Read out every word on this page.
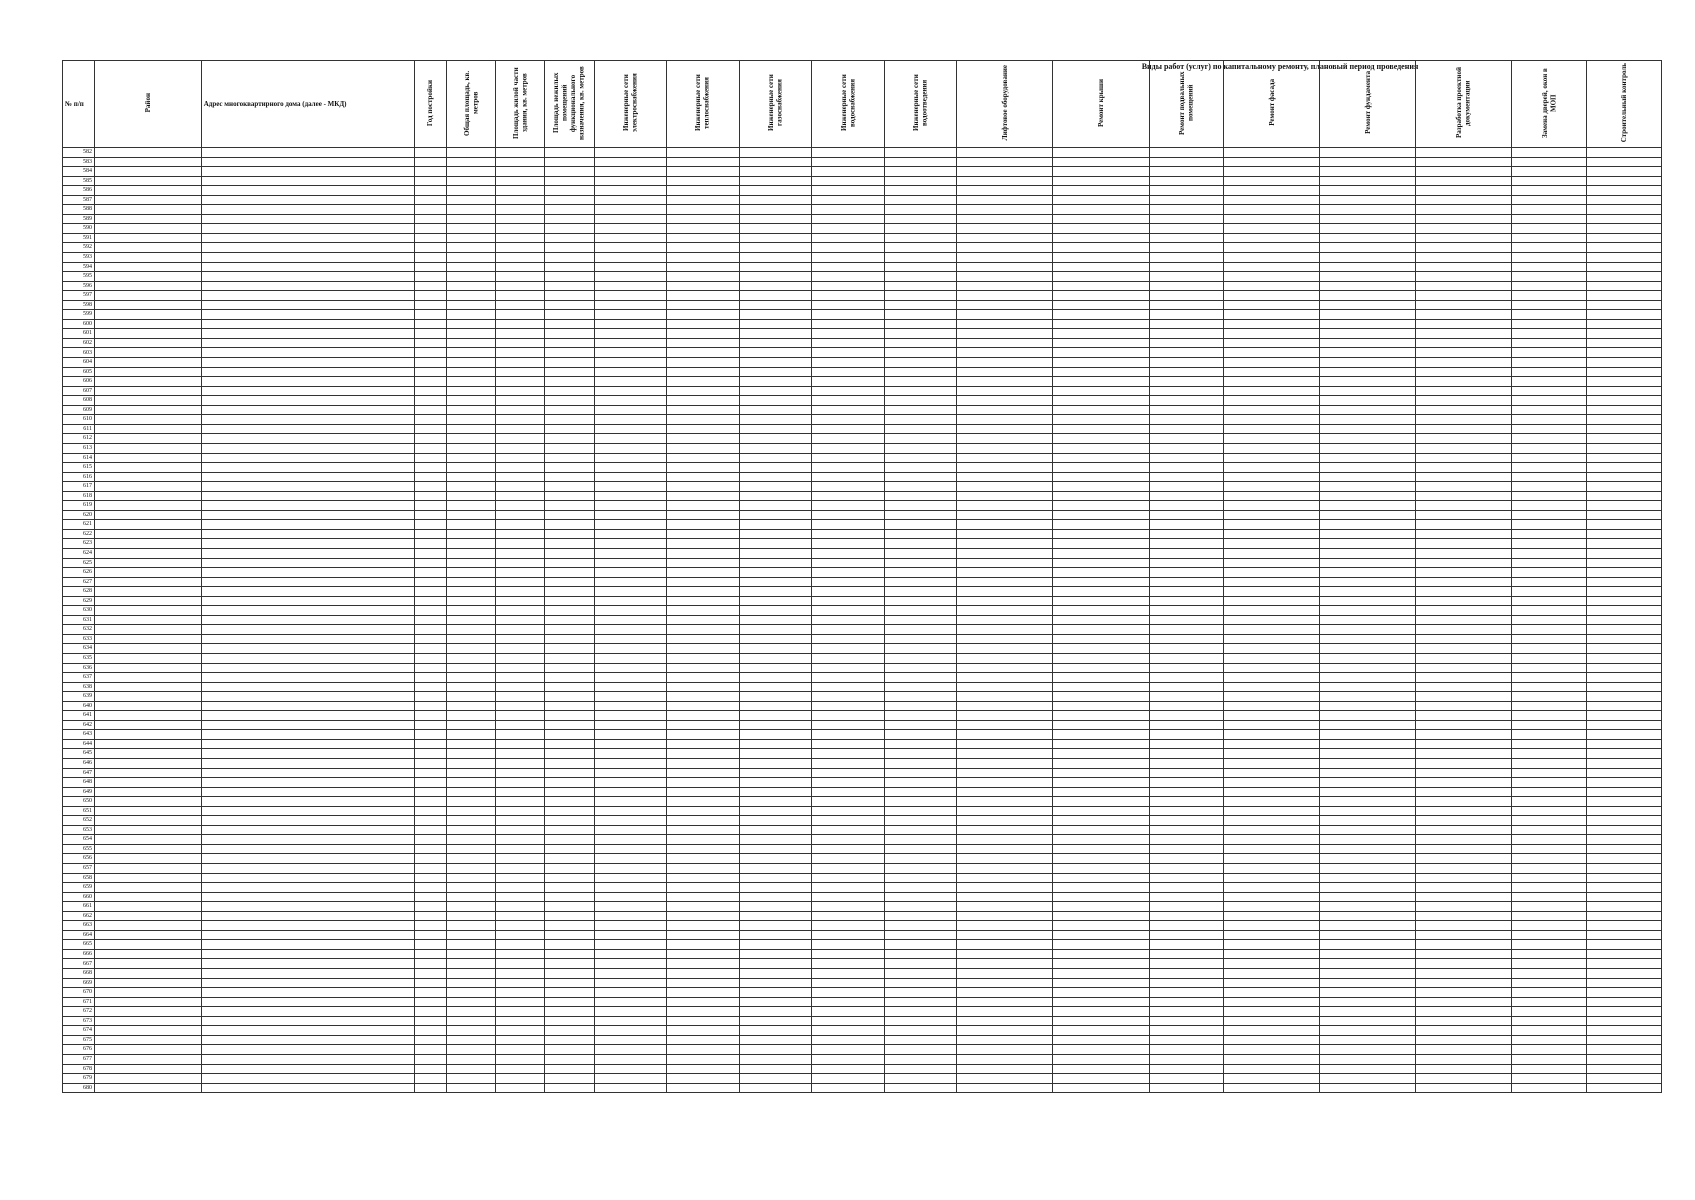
Виды работ (услуг) по капитальному ремонту, плановый период проведения
№ п/п	Район	Адрес многоквартирного дома (далее - МКД)	Год постройки	Общая площадь, кв. метров	Площадь жилой части здания, кв. метров	Площадь нежилых помещений функционального назначения, кв. метров	Инженерные сети электроснабжения	Инженерные сети теплоснабжения	Инженерные сети газоснабжения	Инженерные сети водоснабжения	Инженерные сети водоотведения	Лифтовое оборудование	Ремонт крыши	Ремонт подвальных помещений	Ремонт фасада	Ремонт фундамента	Разработка проектной документации	Замена дверей, окон в МОП	Строительный контроль
582																			
583																			
584																			
585																			
586																			
587																			
588																			
589																			
590																			
591																			
592																			
593																			
594																			
595																			
596																			
597																			
598																			
599																			
600																			
601																			
602																			
603																			
604																			
605																			
606																			
607																			
608																			
609																			
610																			
611																			
612																			
613																			
614																			
615																			
616																			
617																			
618																			
619																			
620																			
621																			
622																			
623																			
624																			
625																			
626																			
627																			
628																			
629																			
630																			
631																			
632																			
633																			
634																			
635																			
636																			
637																			
638																			
639																			
640																			
641																			
642																			
643																			
644																			
645																			
646																			
647																			
648																			
649																			
650																			
651																			
652																			
653																			
654																			
655																			
656																			
657																			
658																			
659																			
660																			
661																			
662																			
663																			
664																			
665																			
666																			
667																			
668																			
669																			
670																			
671																			
672																			
673																			
674																			
675																			
676																			
677																			
678																			
679																			
680																			
